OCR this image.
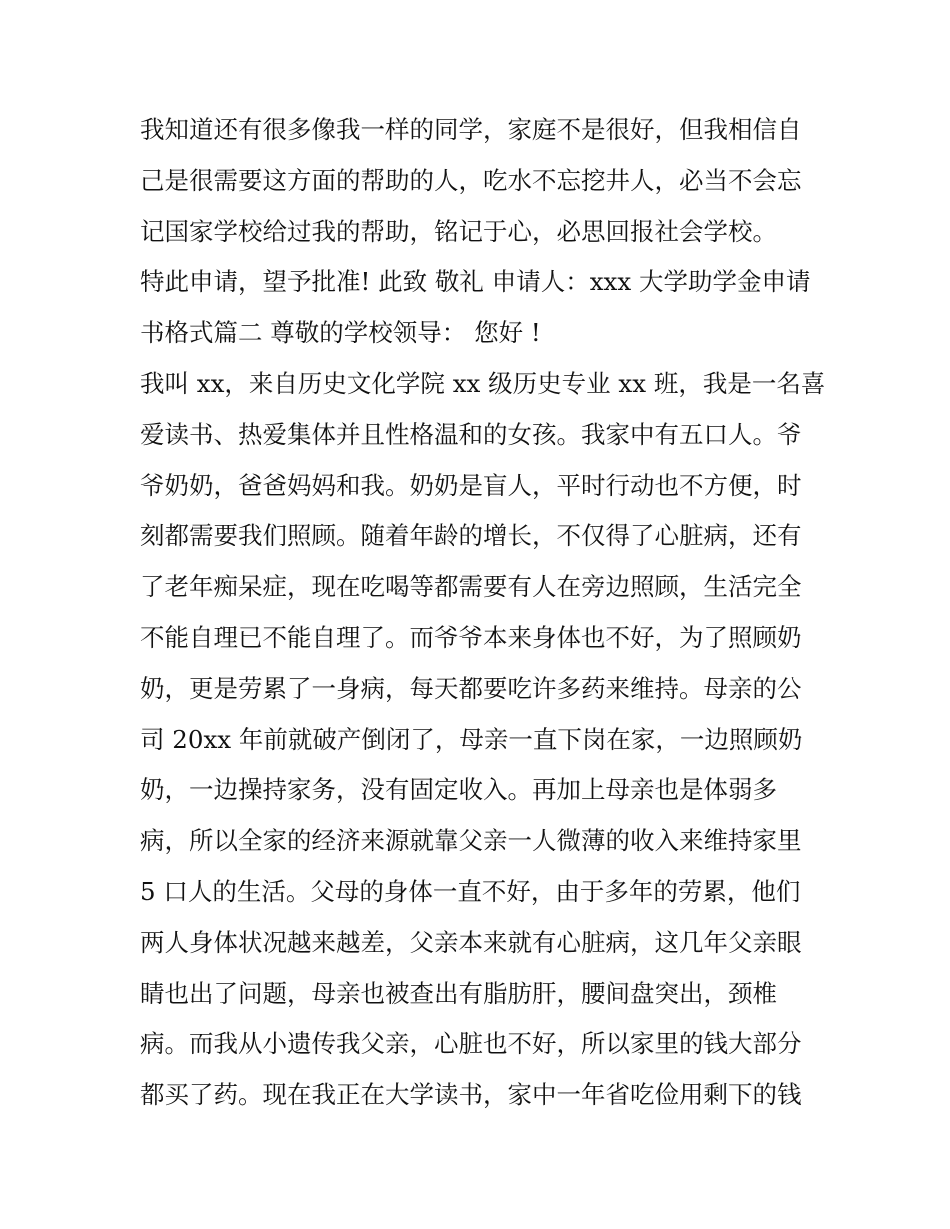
我知道还有很多像我一样的同学，家庭不是很好，但我相信自
己是很需要这方面的帮助的人，吃水不忘挖井人，必当不会忘
记国家学校给过我的帮助，铭记于心，必思回报社会学校。
特此申请，望予批准! 此致 敬礼 申请人：xxx 大学助学金申请
书格式篇二 尊敬的学校领导： 您好 !
我叫 xx，来自历史文化学院 xx 级历史专业 xx 班，我是一名喜
爱读书、热爱集体并且性格温和的女孩。我家中有五口人。爷
爷奶奶，爸爸妈妈和我。奶奶是盲人，平时行动也不方便，时
刻都需要我们照顾。随着年龄的增长，不仅得了心脏病，还有
了老年痴呆症，现在吃喝等都需要有人在旁边照顾，生活完全
不能自理已不能自理了。而爷爷本来身体也不好，为了照顾奶
奶，更是劳累了一身病，每天都要吃许多药来维持。母亲的公
司 20xx 年前就破产倒闭了，母亲一直下岗在家，一边照顾奶
奶，一边操持家务，没有固定收入。再加上母亲也是体弱多
病，所以全家的经济来源就靠父亲一人微薄的收入来维持家里
5 口人的生活。父母的身体一直不好，由于多年的劳累，他们
两人身体状况越来越差，父亲本来就有心脏病，这几年父亲眼
睛也出了问题，母亲也被查出有脂肪肝，腰间盘突出，颈椎
病。而我从小遗传我父亲，心脏也不好，所以家里的钱大部分
都买了药。现在我正在大学读书，家中一年省吃俭用剩下的钱
